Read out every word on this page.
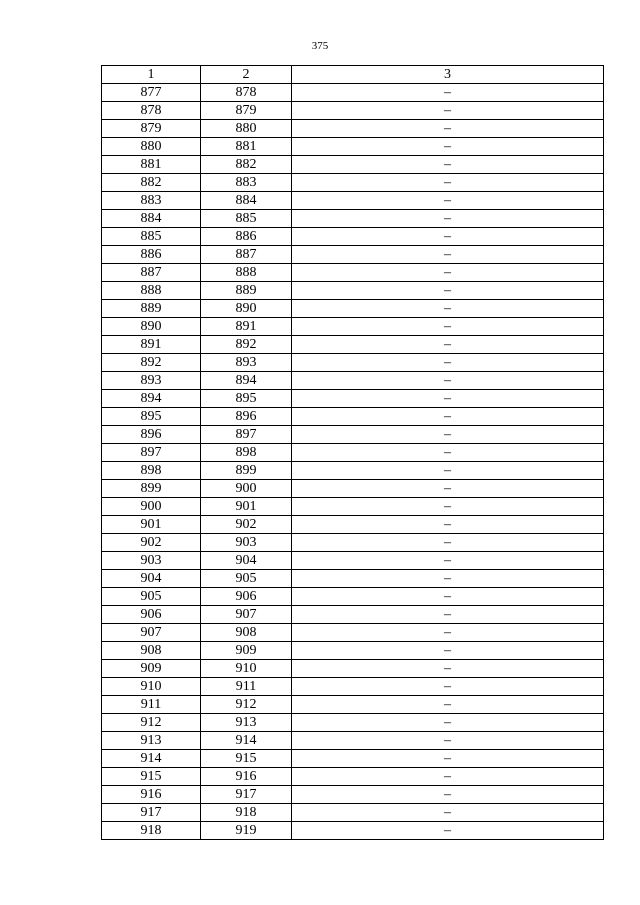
375
1	2	3
877	878	–
878	879	–
879	880	–
880	881	–
881	882	–
882	883	–
883	884	–
884	885	–
885	886	–
886	887	–
887	888	–
888	889	–
889	890	–
890	891	–
891	892	–
892	893	–
893	894	–
894	895	–
895	896	–
896	897	–
897	898	–
898	899	–
899	900	–
900	901	–
901	902	–
902	903	–
903	904	–
904	905	–
905	906	–
906	907	–
907	908	–
908	909	–
909	910	–
910	911	–
911	912	–
912	913	–
913	914	–
914	915	–
915	916	–
916	917	–
917	918	–
918	919	–
